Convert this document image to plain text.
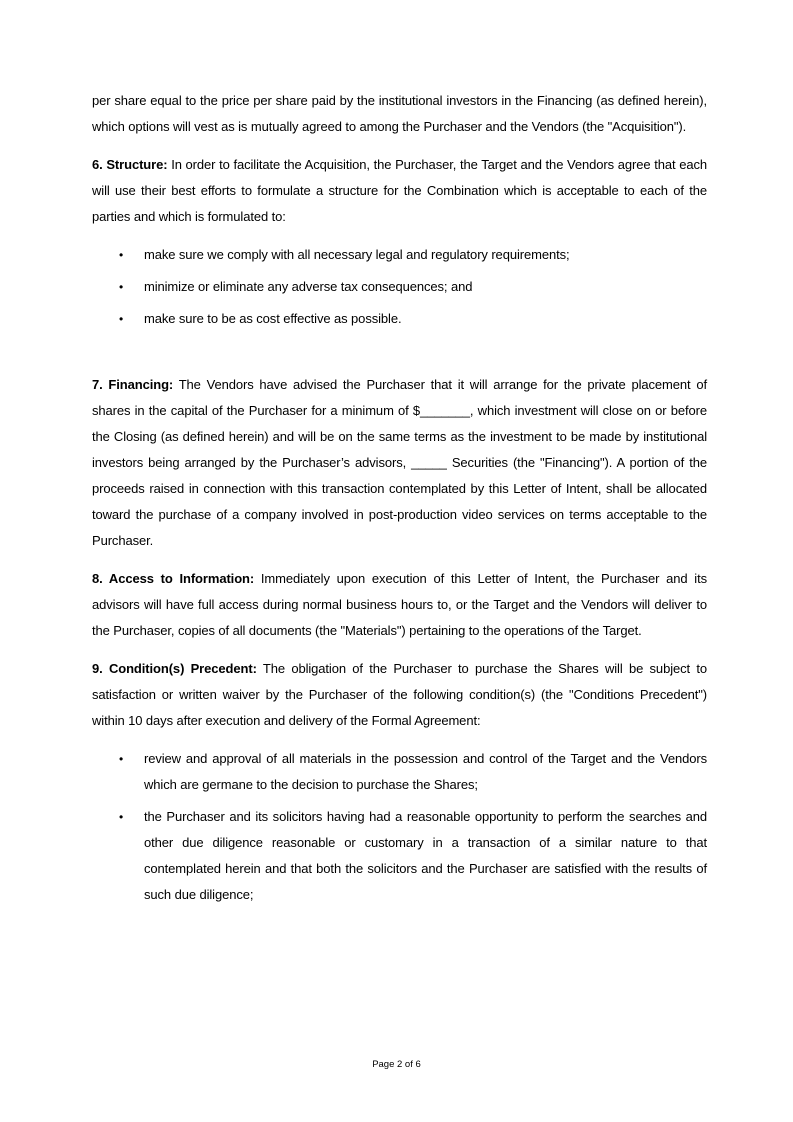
per share equal to the price per share paid by the institutional investors in the Financing (as defined herein), which options will vest as is mutually agreed to among the Purchaser and the Vendors (the "Acquisition").

6. Structure: In order to facilitate the Acquisition, the Purchaser, the Target and the Vendors agree that each will use their best efforts to formulate a structure for the Combination which is acceptable to each of the parties and which is formulated to:

• make sure we comply with all necessary legal and regulatory requirements;
• minimize or eliminate any adverse tax consequences; and
• make sure to be as cost effective as possible.

7. Financing: The Vendors have advised the Purchaser that it will arrange for the private placement of shares in the capital of the Purchaser for a minimum of $_______, which investment will close on or before the Closing (as defined herein) and will be on the same terms as the investment to be made by institutional investors being arranged by the Purchaser’s advisors, _____ Securities (the "Financing"). A portion of the proceeds raised in connection with this transaction contemplated by this Letter of Intent, shall be allocated toward the purchase of a company involved in post-production video services on terms acceptable to the Purchaser.

8. Access to Information: Immediately upon execution of this Letter of Intent, the Purchaser and its advisors will have full access during normal business hours to, or the Target and the Vendors will deliver to the Purchaser, copies of all documents (the "Materials") pertaining to the operations of the Target.

9. Condition(s) Precedent: The obligation of the Purchaser to purchase the Shares will be subject to satisfaction or written waiver by the Purchaser of the following condition(s) (the "Conditions Precedent") within 10 days after execution and delivery of the Formal Agreement:

• review and approval of all materials in the possession and control of the Target and the Vendors which are germane to the decision to purchase the Shares;
• the Purchaser and its solicitors having had a reasonable opportunity to perform the searches and other due diligence reasonable or customary in a transaction of a similar nature to that contemplated herein and that both the solicitors and the Purchaser are satisfied with the results of such due diligence;
Page 2 of 6
